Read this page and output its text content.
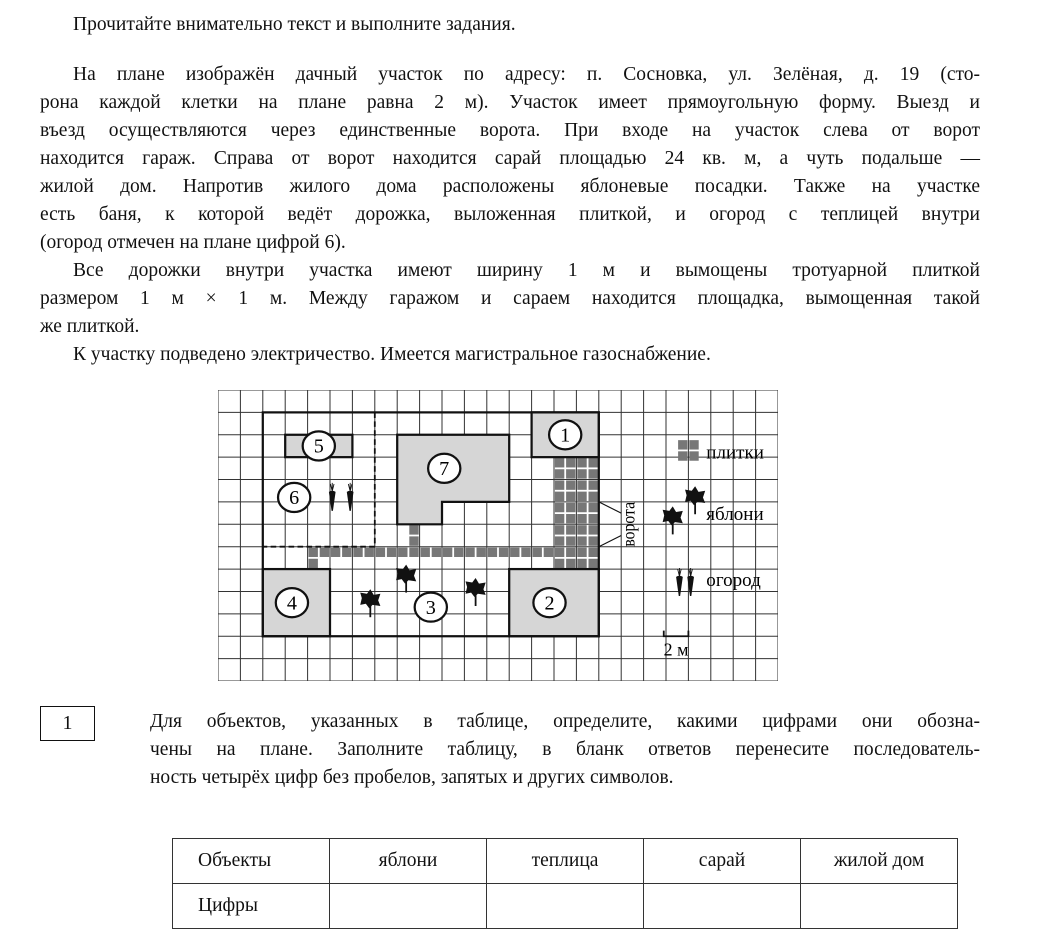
Прочитайте внимательно текст и выполните задания.
На плане изображён дачный участок по адресу: п. Сосновка, ул. Зелёная, д. 19 (сто-
рона каждой клетки на плане равна 2 м). Участок имеет прямоугольную форму. Выезд и
въезд осуществляются через единственные ворота. При входе на участок слева от ворот
находится гараж. Справа от ворот находится сарай площадью 24 кв. м, а чуть подальше —
жилой дом. Напротив жилого дома расположены яблоневые посадки. Также на участке
есть баня, к которой ведёт дорожка, выложенная плиткой, и огород с теплицей внутри
(огород отмечен на плане цифрой 6).
Все дорожки внутри участка имеют ширину 1 м и вымощены тротуарной плиткой
размером 1 м × 1 м. Между гаражом и сараем находится площадка, вымощенная такой
же плиткой.
К участку подведено электричество. Имеется магистральное газоснабжение.
1	Для объектов, указанных в таблице, определите, какими цифрами они обозна-
чены на плане. Заполните таблицу, в бланк ответов перенесите последователь-
ность четырёх цифр без пробелов, запятых и других символов.
Объекты	яблони	теплица	сарай	жилой дом
Цифры				
